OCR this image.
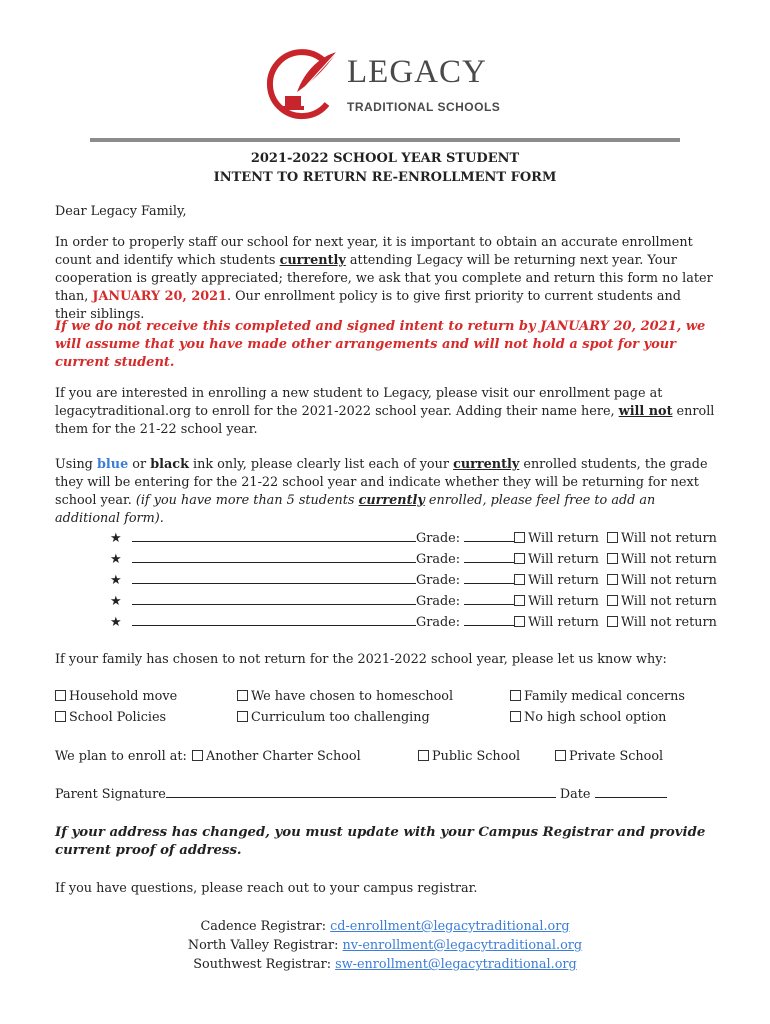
LEGACY
TRADITIONAL SCHOOLS
2021-2022 SCHOOL YEAR STUDENT
INTENT TO RETURN RE-ENROLLMENT FORM
Dear Legacy Family,
In order to properly staff our school for next year, it is important to obtain an accurate enrollment count and identify which students currently attending Legacy will be returning next year. Your cooperation is greatly appreciated; therefore, we ask that you complete and return this form no later than, JANUARY 20, 2021. Our enrollment policy is to give first priority to current students and their siblings.
If we do not receive this completed and signed intent to return by JANUARY 20, 2021, we will assume that you have made other arrangements and will not hold a spot for your current student.
If you are interested in enrolling a new student to Legacy, please visit our enrollment page at legacytraditional.org to enroll for the 2021-2022 school year. Adding their name here, will not enroll them for the 21-22 school year.
Using blue or black ink only, please clearly list each of your currently enrolled students, the grade they will be entering for the 21-22 school year and indicate whether they will be returning for next school year. (if you have more than 5 students currently enrolled, please feel free to add an additional form).
★	Grade:	Will return Will not return
★	Grade:	Will return Will not return
★	Grade:	Will return Will not return
★	Grade:	Will return Will not return
★	Grade:	Will return Will not return
If your family has chosen to not return for the 2021-2022 school year, please let us know why:
Household move	We have chosen to homeschool	Family medical concerns
School Policies	Curriculum too challenging	No high school option
We plan to enroll at:	Another Charter School	Public School	Private School
Parent Signature	Date
If your address has changed, you must update with your Campus Registrar and provide current proof of address.
If you have questions, please reach out to your campus registrar.
Cadence Registrar: cd-enrollment@legacytraditional.org
North Valley Registrar: nv-enrollment@legacytraditional.org
Southwest Registrar: sw-enrollment@legacytraditional.org
